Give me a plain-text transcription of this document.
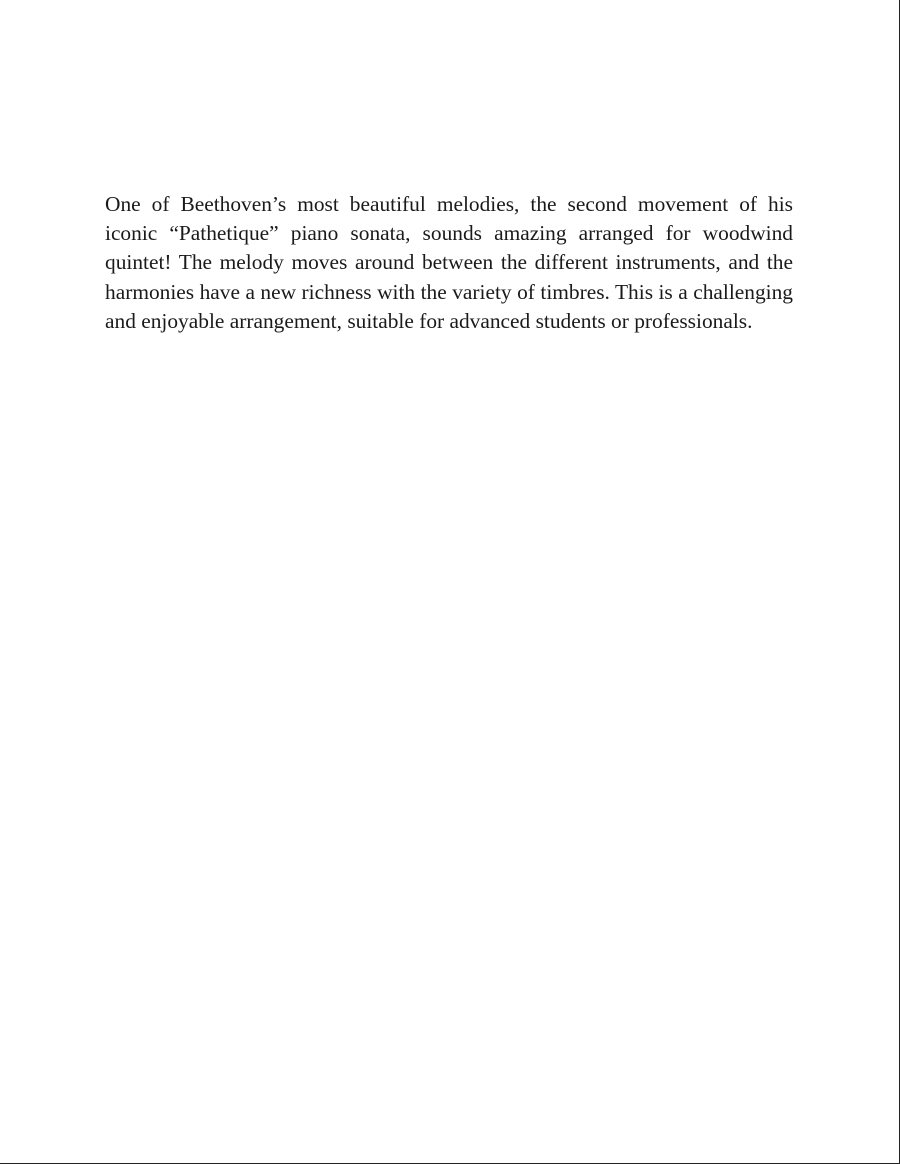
One of Beethoven’s most beautiful melodies, the second movement of his iconic “Pathetique” piano sonata, sounds amazing arranged for woodwind quintet! The melody moves around between the different instruments, and the harmonies have a new richness with the variety of timbres. This is a challenging and enjoyable arrangement, suitable for advanced students or professionals.
